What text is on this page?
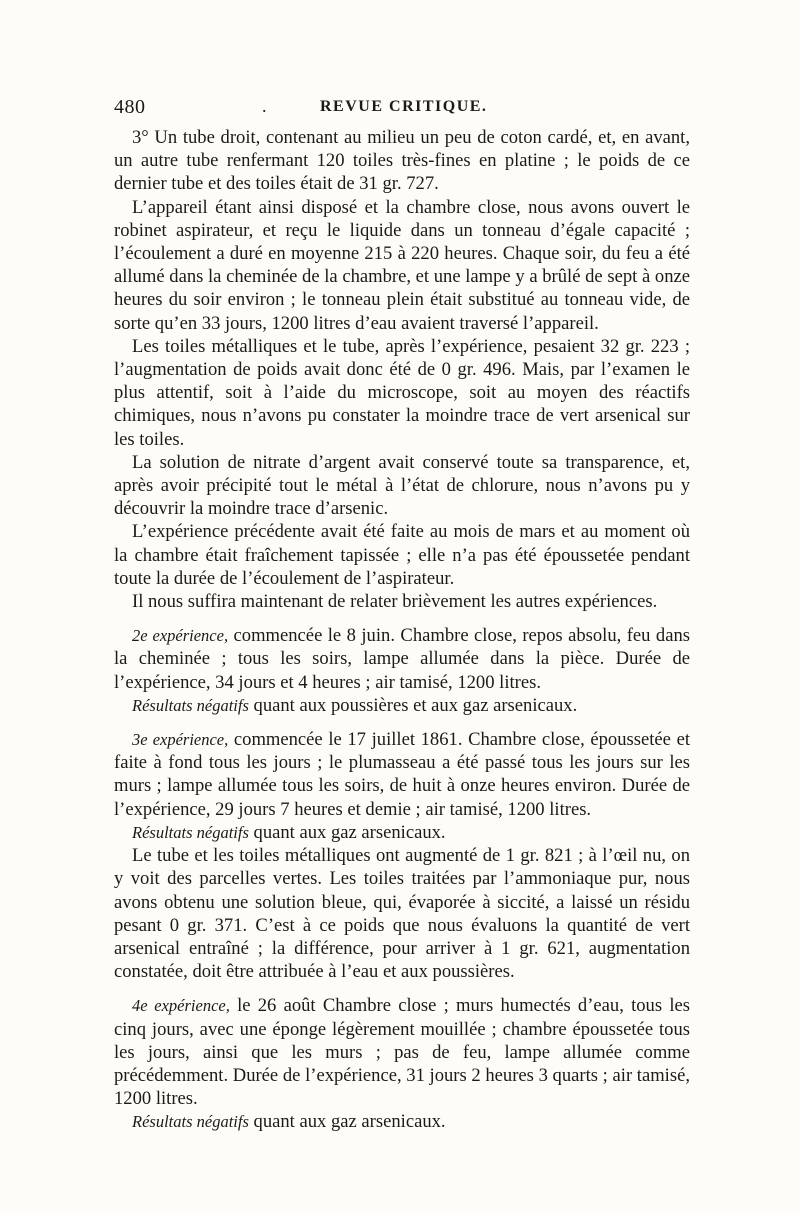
480	.	REVUE CRITIQUE.

3° Un tube droit, contenant au milieu un peu de coton cardé, et, en avant, un autre tube renfermant 120 toiles très-fines en platine ; le poids de ce dernier tube et des toiles était de 31 gr. 727.

L’appareil étant ainsi disposé et la chambre close, nous avons ouvert le robinet aspirateur, et reçu le liquide dans un tonneau d’égale capacité ; l’écoulement a duré en moyenne 215 à 220 heures. Chaque soir, du feu a été allumé dans la cheminée de la chambre, et une lampe y a brûlé de sept à onze heures du soir environ ; le tonneau plein était substitué au tonneau vide, de sorte qu’en 33 jours, 1200 litres d’eau avaient traversé l’appareil.

Les toiles métalliques et le tube, après l’expérience, pesaient 32 gr. 223 ; l’augmentation de poids avait donc été de 0 gr. 496. Mais, par l’examen le plus attentif, soit à l’aide du microscope, soit au moyen des réactifs chimiques, nous n’avons pu constater la moindre trace de vert arsenical sur les toiles.

La solution de nitrate d’argent avait conservé toute sa transparence, et, après avoir précipité tout le métal à l’état de chlorure, nous n’avons pu y découvrir la moindre trace d’arsenic.

L’expérience précédente avait été faite au mois de mars et au moment où la chambre était fraîchement tapissée ; elle n’a pas été époussetée pendant toute la durée de l’écoulement de l’aspirateur.

Il nous suffira maintenant de relater brièvement les autres expériences.

2e expérience, commencée le 8 juin. Chambre close, repos absolu, feu dans la cheminée ; tous les soirs, lampe allumée dans la pièce. Durée de l’expérience, 34 jours et 4 heures ; air tamisé, 1200 litres.

Résultats négatifs quant aux poussières et aux gaz arsenicaux.

3e expérience, commencée le 17 juillet 1861. Chambre close, époussetée et faite à fond tous les jours ; le plumasseau a été passé tous les jours sur les murs ; lampe allumée tous les soirs, de huit à onze heures environ. Durée de l’expérience, 29 jours 7 heures et demie ; air tamisé, 1200 litres.

Résultats négatifs quant aux gaz arsenicaux.

Le tube et les toiles métalliques ont augmenté de 1 gr. 821 ; à l’œil nu, on y voit des parcelles vertes. Les toiles traitées par l’ammoniaque pur, nous avons obtenu une solution bleue, qui, évaporée à siccité, a laissé un résidu pesant 0 gr. 371. C’est à ce poids que nous évaluons la quantité de vert arsenical entraîné ; la différence, pour arriver à 1 gr. 621, augmentation constatée, doit être attribuée à l’eau et aux poussières.

4e expérience, le 26 août Chambre close ; murs humectés d’eau, tous les cinq jours, avec une éponge légèrement mouillée ; chambre époussetée tous les jours, ainsi que les murs ; pas de feu, lampe allumée comme précédemment. Durée de l’expérience, 31 jours 2 heures 3 quarts ; air tamisé, 1200 litres.

Résultats négatifs quant aux gaz arsenicaux.
